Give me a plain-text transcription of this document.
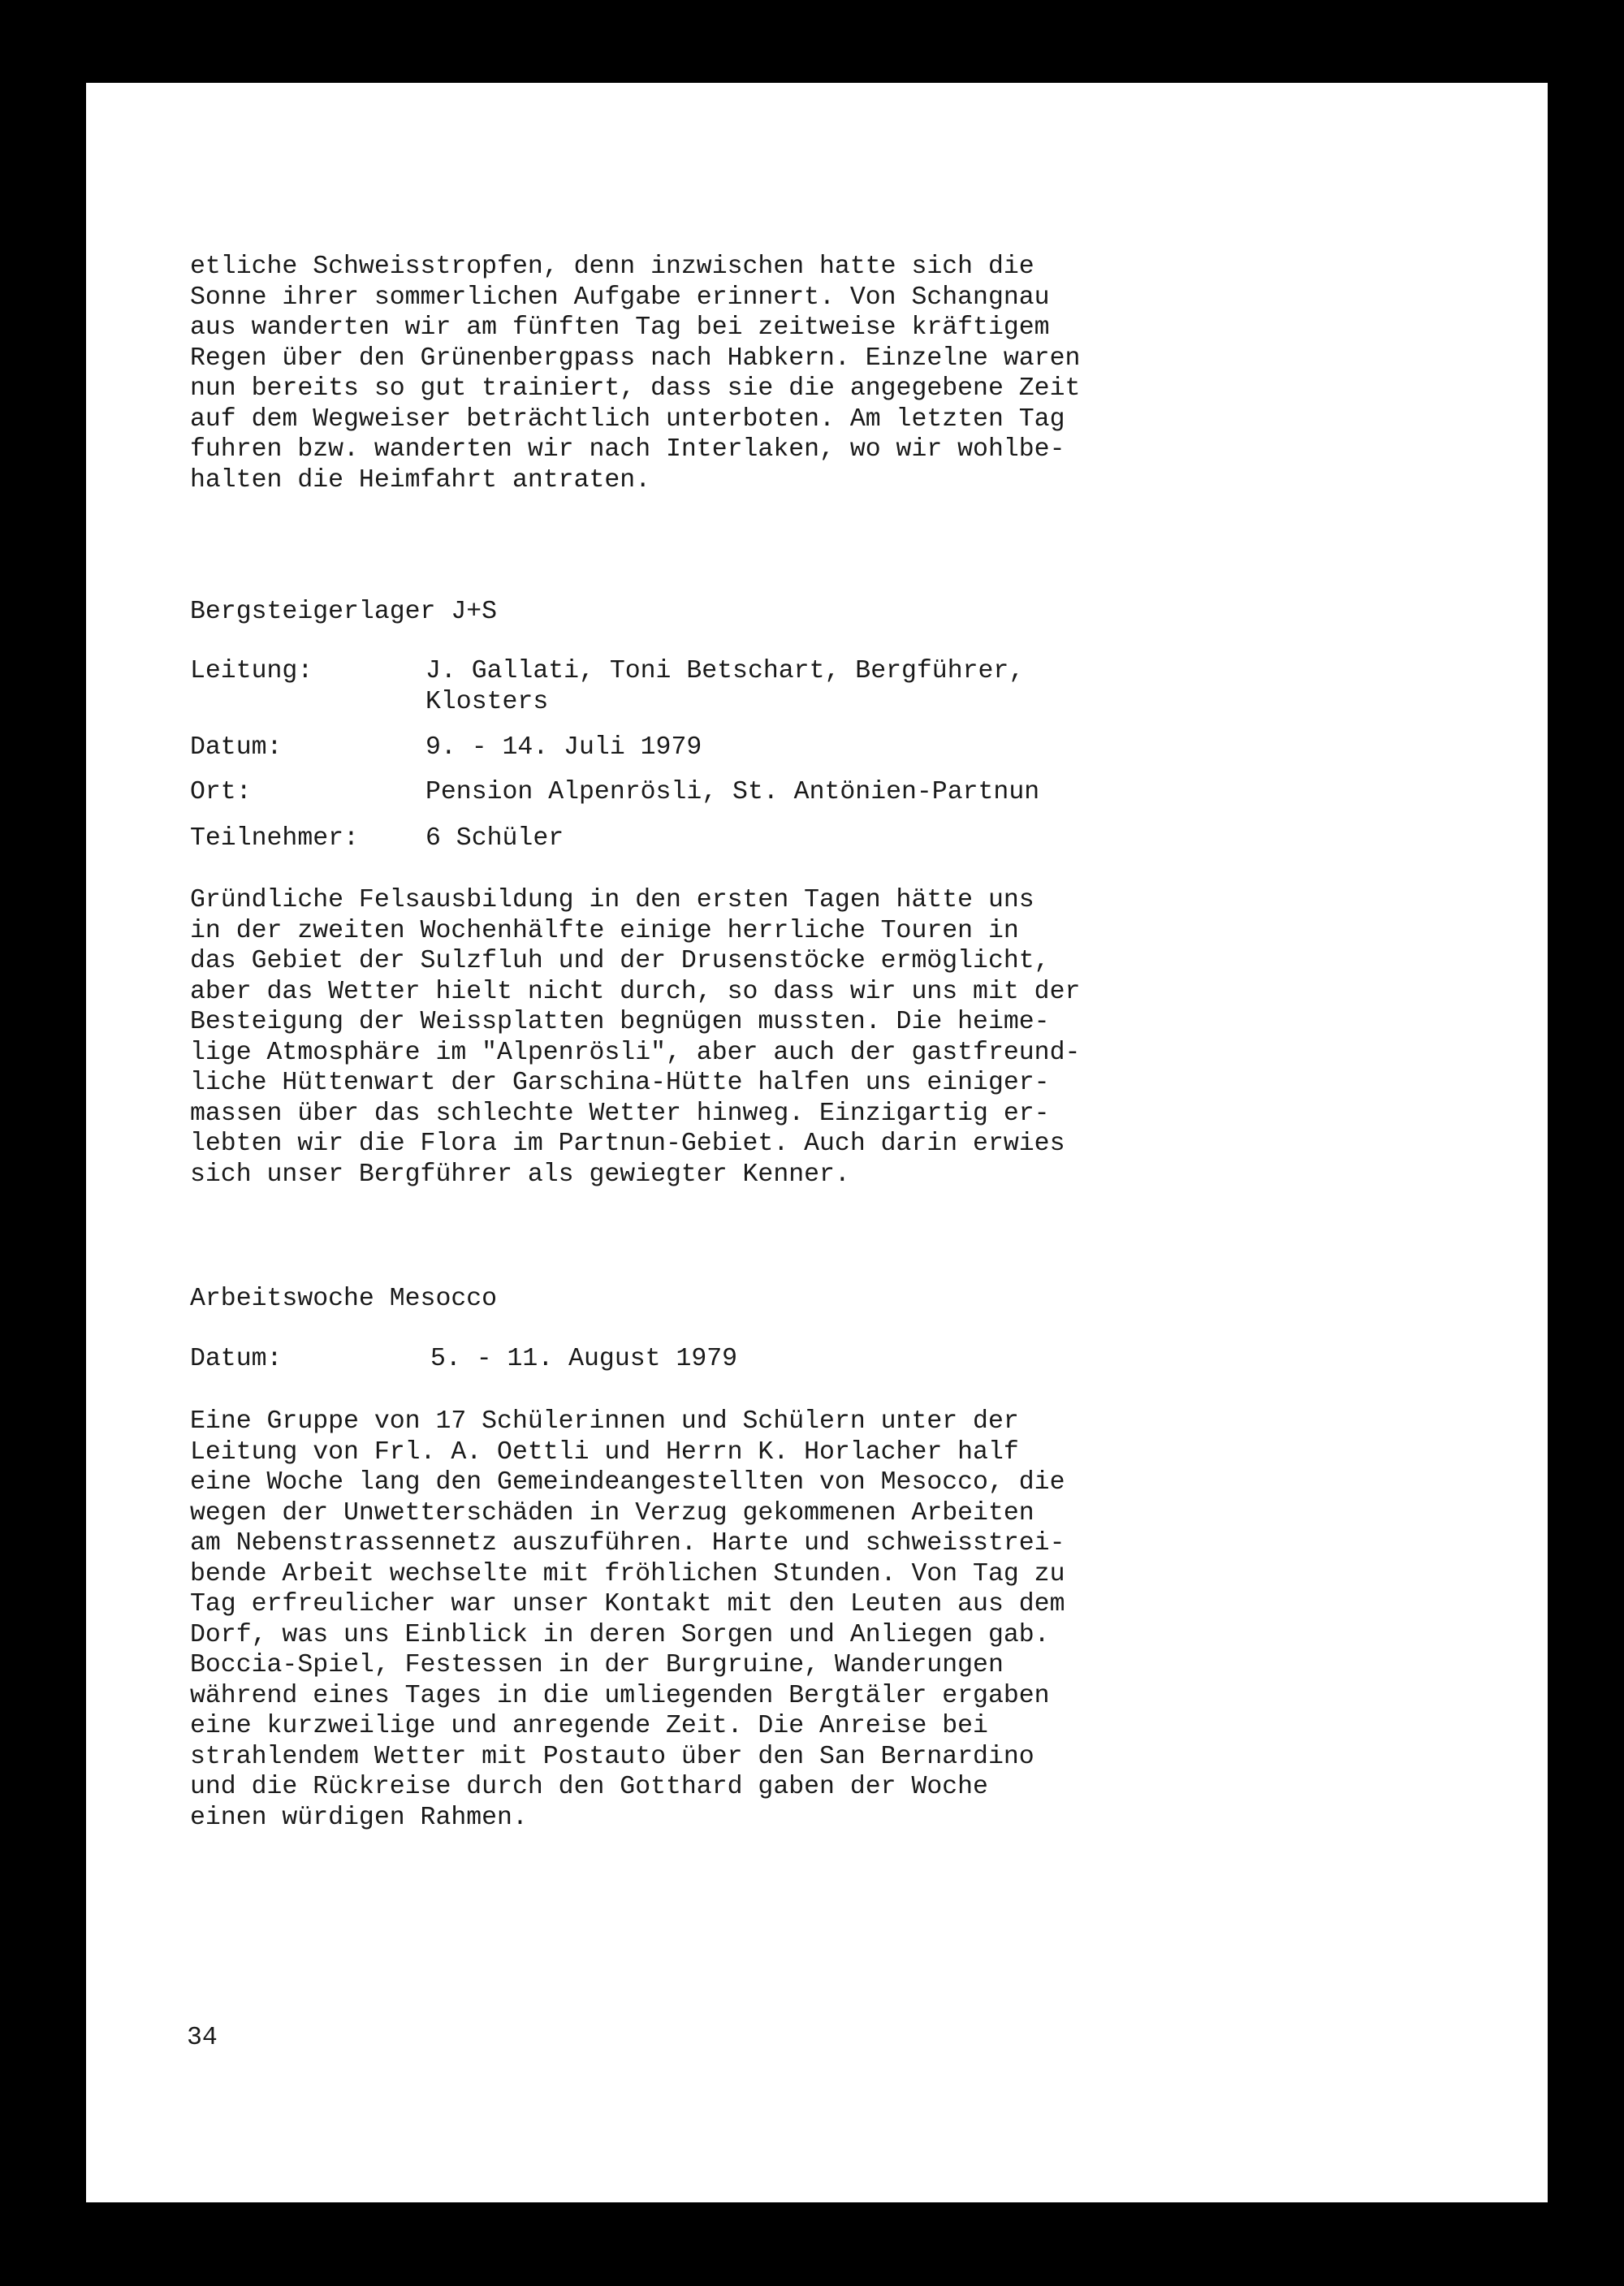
etliche Schweisstropfen, denn inzwischen hatte sich die
Sonne ihrer sommerlichen Aufgabe erinnert. Von Schangnau
aus wanderten wir am fünften Tag bei zeitweise kräftigem
Regen über den Grünenbergpass nach Habkern. Einzelne waren
nun bereits so gut trainiert, dass sie die angegebene Zeit
auf dem Wegweiser beträchtlich unterboten. Am letzten Tag
fuhren bzw. wanderten wir nach Interlaken, wo wir wohlbe-
halten die Heimfahrt antraten.

Bergsteigerlager J+S

Leitung:	J. Gallati, Toni Betschart, Bergführer,
Klosters
Datum:	9. - 14. Juli 1979
Ort:	Pension Alpenrösli, St. Antönien-Partnun
Teilnehmer:	6 Schüler

Gründliche Felsausbildung in den ersten Tagen hätte uns
in der zweiten Wochenhälfte einige herrliche Touren in
das Gebiet der Sulzfluh und der Drusenstöcke ermöglicht,
aber das Wetter hielt nicht durch, so dass wir uns mit der
Besteigung der Weissplatten begnügen mussten. Die heime-
lige Atmosphäre im "Alpenrösli", aber auch der gastfreund-
liche Hüttenwart der Garschina-Hütte halfen uns einiger-
massen über das schlechte Wetter hinweg. Einzigartig er-
lebten wir die Flora im Partnun-Gebiet. Auch darin erwies
sich unser Bergführer als gewiegter Kenner.

Arbeitswoche Mesocco

Datum:	5. - 11. August 1979

Eine Gruppe von 17 Schülerinnen und Schülern unter der
Leitung von Frl. A. Oettli und Herrn K. Horlacher half
eine Woche lang den Gemeindeangestellten von Mesocco, die
wegen der Unwetterschäden in Verzug gekommenen Arbeiten
am Nebenstrassennetz auszuführen. Harte und schweisstrei-
bende Arbeit wechselte mit fröhlichen Stunden. Von Tag zu
Tag erfreulicher war unser Kontakt mit den Leuten aus dem
Dorf, was uns Einblick in deren Sorgen und Anliegen gab.
Boccia-Spiel, Festessen in der Burgruine, Wanderungen
während eines Tages in die umliegenden Bergtäler ergaben
eine kurzweilige und anregende Zeit. Die Anreise bei
strahlendem Wetter mit Postauto über den San Bernardino
und die Rückreise durch den Gotthard gaben der Woche
einen würdigen Rahmen.

34
